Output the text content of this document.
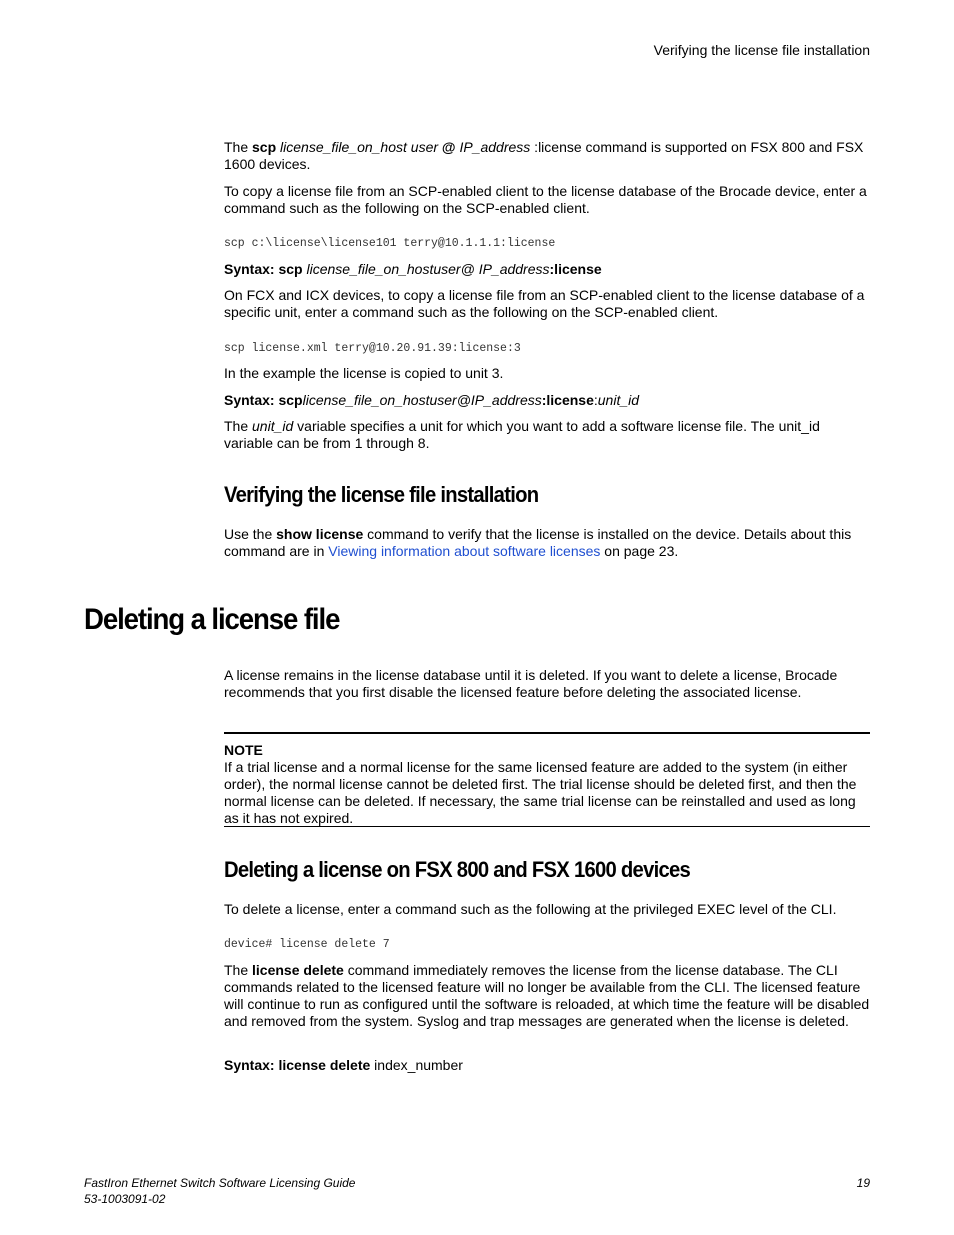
Verifying the license file installation

The scp license_file_on_host user @ IP_address :license command is supported on FSX 800 and FSX 1600 devices.

To copy a license file from an SCP-enabled client to the license database of the Brocade device, enter a command such as the following on the SCP-enabled client.

scp c:\license\license101 terry@10.1.1.1:license

Syntax: scp license_file_on_hostuser@ IP_address:license

On FCX and ICX devices, to copy a license file from an SCP-enabled client to the license database of a specific unit, enter a command such as the following on the SCP-enabled client.

scp license.xml terry@10.20.91.39:license:3

In the example the license is copied to unit 3.

Syntax: scplicense_file_on_hostuser@IP_address:license:unit_id

The unit_id variable specifies a unit for which you want to add a software license file. The unit_id variable can be from 1 through 8.

Verifying the license file installation

Use the show license command to verify that the license is installed on the device. Details about this command are in Viewing information about software licenses on page 23.

Deleting a license file

A license remains in the license database until it is deleted. If you want to delete a license, Brocade recommends that you first disable the licensed feature before deleting the associated license.

NOTE
If a trial license and a normal license for the same licensed feature are added to the system (in either order), the normal license cannot be deleted first. The trial license should be deleted first, and then the normal license can be deleted. If necessary, the same trial license can be reinstalled and used as long as it has not expired.
Deleting a license on FSX 800 and FSX 1600 devices

To delete a license, enter a command such as the following at the privileged EXEC level of the CLI.

device# license delete 7

The license delete command immediately removes the license from the license database. The CLI commands related to the licensed feature will no longer be available from the CLI. The licensed feature will continue to run as configured until the software is reloaded, at which time the feature will be disabled and removed from the system. Syslog and trap messages are generated when the license is deleted.

Syntax: license delete index_number

FastIron Ethernet Switch Software Licensing Guide
53-1003091-02
19
